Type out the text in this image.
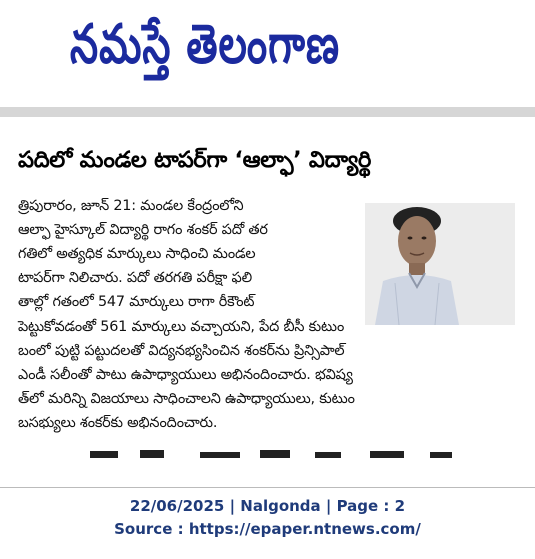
నమస్తే తెలంగాణ
పదిలో మండల టాపర్‌గా ‘ఆల్ఫా’ విద్యార్థి
త్రిపురారం, జూన్‌ 21: మండల కేంద్రంలోని
ఆల్ఫా హైస్కూల్‌ విద్యార్థి రాగం శంకర్‌ పదో తర
గతిలో అత్యధిక మార్కులు సాధించి మండల
టాపర్‌గా నిలిచారు. పదో తరగతి పరీక్షా ఫలి
తాల్లో గతంలో 547 మార్కులు రాగా రీకౌంట్‌
పెట్టుకోవడంతో 561 మార్కులు వచ్చాయని, పేద బీసీ కుటుం
బంలో పుట్టి పట్టుదలతో విద్యనభ్యసించిన శంకర్‌ను ప్రిన్సిపాల్‌
ఎండీ సలీంతో పాటు ఉపాధ్యాయులు అభినందించారు. భవిష్య
త్‌లో మరిన్ని విజయాలు సాధించాలని ఉపాధ్యాయులు, కుటుం
బసభ్యులు శంకర్‌కు అభినందించారు.
22/06/2025 | Nalgonda | Page : 2
Source : https://epaper.ntnews.com/
